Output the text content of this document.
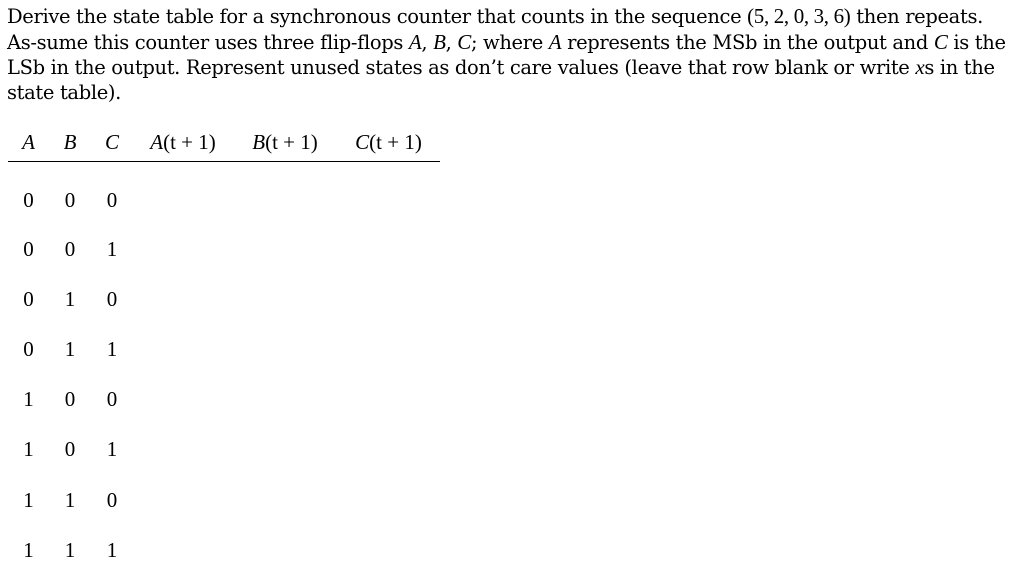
Derive the state table for a synchronous counter that counts in the sequence (5, 2, 0, 3, 6) then repeats. As-sume this counter uses three flip-flops A, B, C; where A represents the MSb in the output and C is the LSb in the output. Represent unused states as don’t care values (leave that row blank or write xs in the state table).

A	B	C	A(t + 1)	B(t + 1)	C(t + 1)
0	0	0			
0	0	1			
0	1	0			
0	1	1			
1	0	0			
1	0	1			
1	1	0			
1	1	1			
